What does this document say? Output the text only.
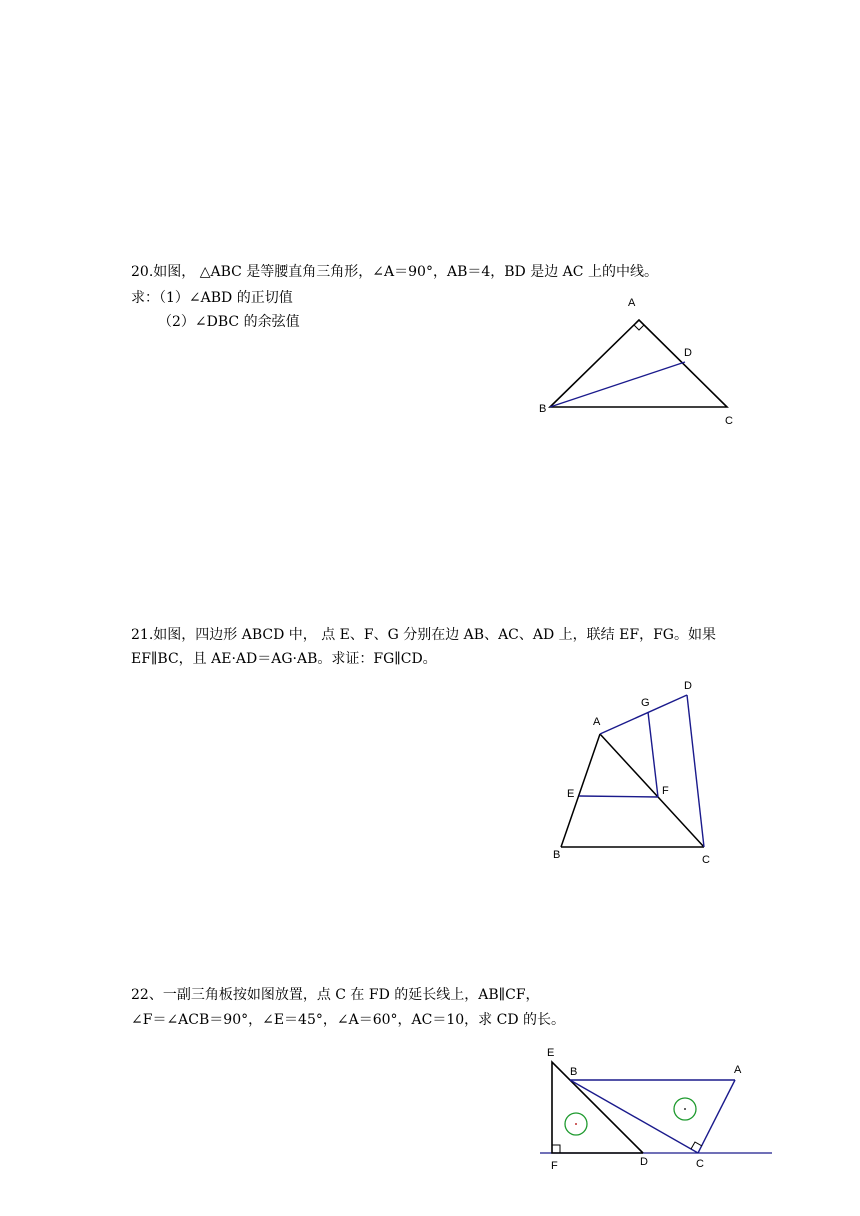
20.如图， △ABC 是等腰直角三角形，∠A＝90°，AB＝4，BD 是边 AC 上的中线。
求：（1）∠ABD 的正切值
（2）∠DBC 的余弦值
A
B
C
D
21.如图，四边形 ABCD 中， 点 E、F、G 分别在边 AB、AC、AD 上，联结 EF，FG。如果
EF∥BC，且 AE·AD＝AG·AB。求证：FG∥CD。
A
B	C
D
E	F
G
22、一副三角板按如图放置，点 C 在 FD 的延长线上，AB∥CF，
∠F＝∠ACB＝90°，∠E＝45°，∠A＝60°，AC＝10，求 CD 的长。
E
B	A
F	D	C
